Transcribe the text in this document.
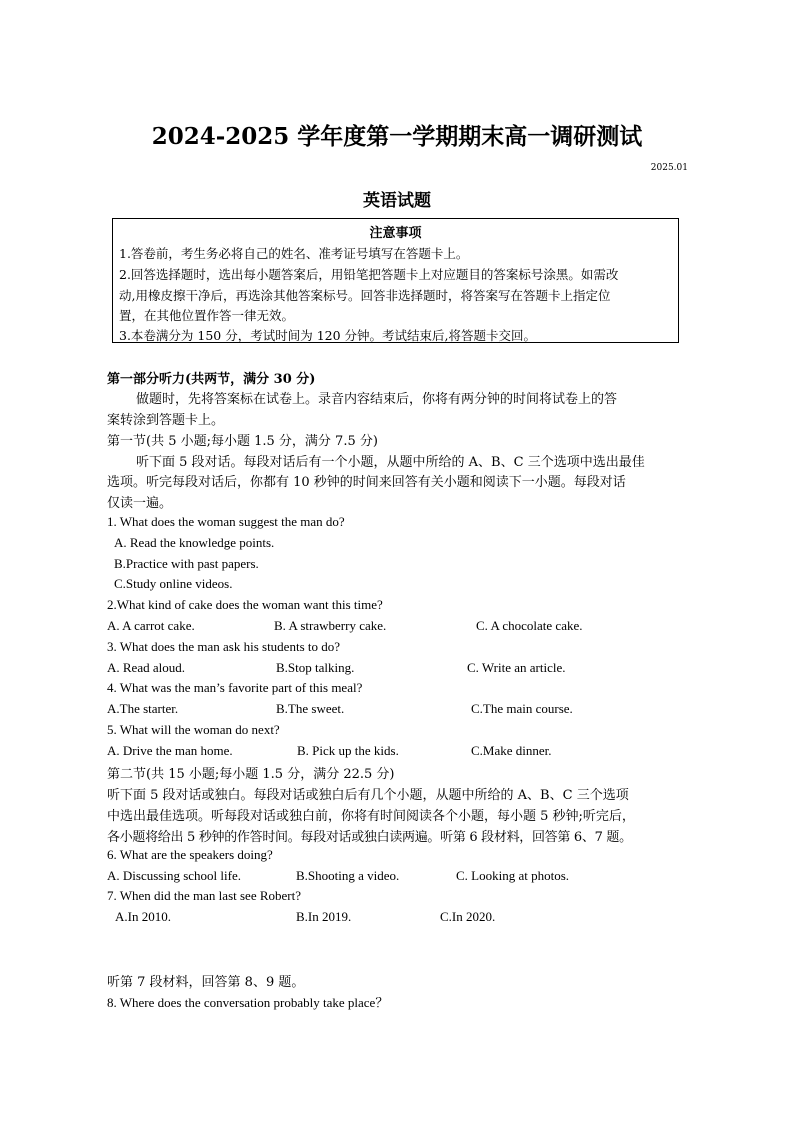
2024-2025 学年度第一学期期末高一调研测试
2025.01
英语试题
注意事项
1.答卷前，考生务必将自己的姓名、准考证号填写在答题卡上。
2.回答选择题时，选出每小题答案后，用铅笔把答题卡上对应题目的答案标号涂黑。如需改
动,用橡皮擦干净后，再选涂其他答案标号。回答非选择题时，将答案写在答题卡上指定位
置，在其他位置作答一律无效。
3.本卷满分为 150 分，考试时间为 120 分钟。考试结束后,将答题卡交回。
第一部分听力(共两节，满分 30 分)
做题时，先将答案标在试卷上。录音内容结束后，你将有两分钟的时间将试卷上的答
案转涂到答题卡上。
第一节(共 5 小题;每小题 1.5 分，满分 7.5 分)
听下面 5 段对话。每段对话后有一个小题，从题中所给的 A、B、C 三个选项中选出最佳
选项。听完每段对话后，你都有 10 秒钟的时间来回答有关小题和阅读下一小题。每段对话
仅读一遍。
1. What does the woman suggest the man do?
A. Read the knowledge points.
B.Practice with past papers.
C.Study online videos.
2.What kind of cake does the woman want this time?
A. A carrot cake.	B. A strawberry cake.	C. A chocolate cake.
3. What does the man ask his students to do?
A. Read aloud.	B.Stop talking.	C. Write an article.
4. What was the man’s favorite part of this meal?
A.The starter.	B.The sweet.	C.The main course.
5. What will the woman do next?
A. Drive the man home.	B. Pick up the kids.	C.Make dinner.
第二节(共 15 小题;每小题 1.5 分，满分 22.5 分)
听下面 5 段对话或独白。每段对话或独白后有几个小题，从题中所给的 A、B、C 三个选项
中选出最佳选项。听每段对话或独白前，你将有时间阅读各个小题，每小题 5 秒钟;听完后，
各小题将给出 5 秒钟的作答时间。每段对话或独白读两遍。听第 6 段材料，回答第 6、7 题。
6. What are the speakers doing?
A. Discussing school life.	B.Shooting a video.	C. Looking at photos.
7. When did the man last see Robert?
A.In 2010.	B.In 2019.	C.In 2020.
听第 7 段材料，回答第 8、9 题。
8. Where does the conversation probably take place？
